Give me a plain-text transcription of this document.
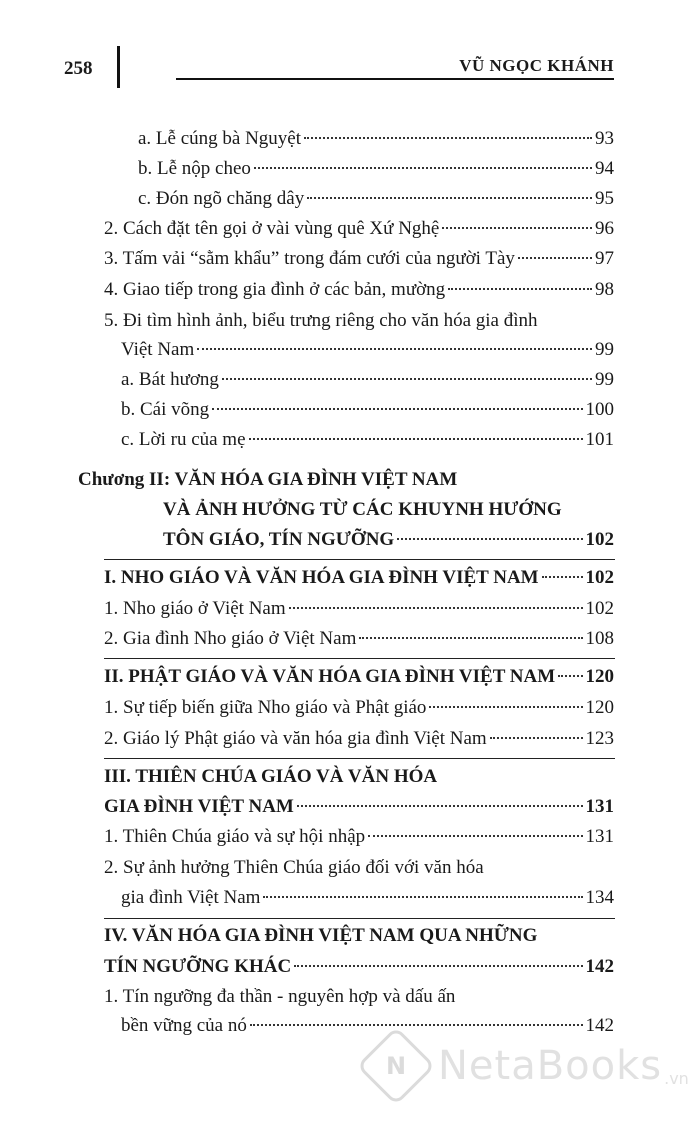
258	VŨ NGỌC KHÁNH
a. Lễ cúng bà Nguyệt	93
b. Lễ nộp cheo	94
c. Đón ngõ chăng dây	95
2. Cách đặt tên gọi ở vài vùng quê Xứ Nghệ	96
3. Tấm vải “sằm khẩu” trong đám cưới của người Tày	97
4. Giao tiếp trong gia đình ở các bản, mường	98
5. Đi tìm hình ảnh, biểu trưng riêng cho văn hóa gia đình
Việt Nam	99
a. Bát hương	99
b. Cái võng	100
c. Lời ru của mẹ	101
Chương II: VĂN HÓA GIA ĐÌNH VIỆT NAM
VÀ ẢNH HƯỞNG TỪ CÁC KHUYNH HƯỚNG
TÔN GIÁO, TÍN NGƯỠNG	102
I. NHO GIÁO VÀ VĂN HÓA GIA ĐÌNH VIỆT NAM 102
1. Nho giáo ở Việt Nam	102
2. Gia đình Nho giáo ở Việt Nam	108
II. PHẬT GIÁO VÀ VĂN HÓA GIA ĐÌNH VIỆT NAM 120
1. Sự tiếp biến giữa Nho giáo và Phật giáo	120
2. Giáo lý Phật giáo và văn hóa gia đình Việt Nam	123
III. THIÊN CHÚA GIÁO VÀ VĂN HÓA
GIA ĐÌNH VIỆT NAM	131
1. Thiên Chúa giáo và sự hội nhập	131
2. Sự ảnh hưởng Thiên Chúa giáo đối với văn hóa
gia đình Việt Nam	134
IV. VĂN HÓA GIA ĐÌNH VIỆT NAM QUA NHỮNG
TÍN NGƯỠNG KHÁC	142
1. Tín ngưỡng đa thần - nguyên hợp và dấu ấn
bền vững của nó	142
N NetaBooks .vn
